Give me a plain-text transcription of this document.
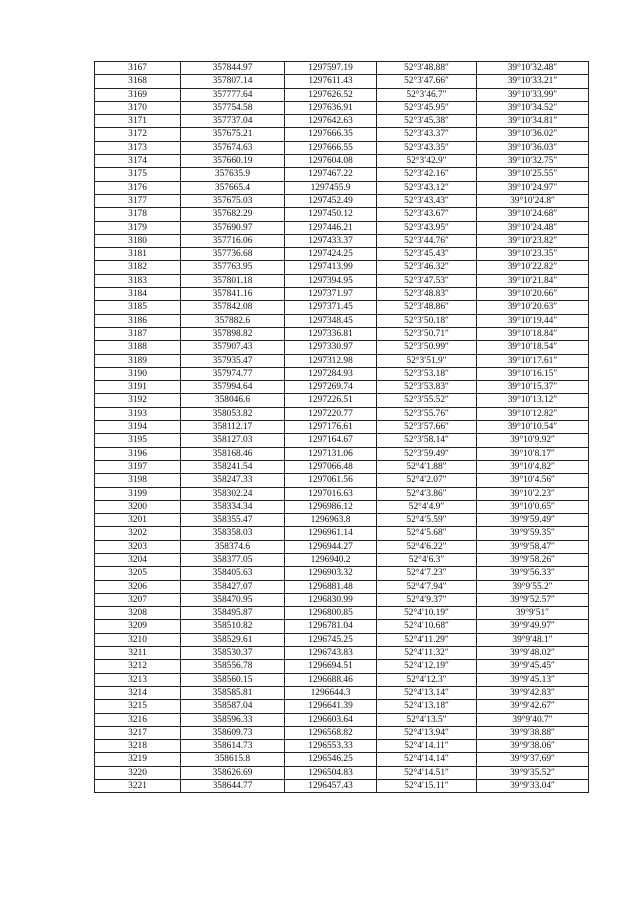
3167	357844.97	1297597.19	52°3′48.88″	39°10′32.48″
3168	357807.14	1297611.43	52°3′47.66″	39°10′33.21″
3169	357777.64	1297626.52	52°3′46.7″	39°10′33.99″
3170	357754.58	1297636.91	52°3′45.95″	39°10′34.52″
3171	357737.04	1297642.63	52°3′45.38″	39°10′34.81″
3172	357675.21	1297666.35	52°3′43.37″	39°10′36.02″
3173	357674.63	1297666.55	52°3′43.35″	39°10′36.03″
3174	357660.19	1297604.08	52°3′42.9″	39°10′32.75″
3175	357635.9	1297467.22	52°3′42.16″	39°10′25.55″
3176	357665.4	1297455.9	52°3′43.12″	39°10′24.97″
3177	357675.03	1297452.49	52°3′43.43″	39°10′24.8″
3178	357682.29	1297450.12	52°3′43.67″	39°10′24.68″
3179	357690.97	1297446.21	52°3′43.95″	39°10′24.48″
3180	357716.06	1297433.37	52°3′44.76″	39°10′23.82″
3181	357736.68	1297424.25	52°3′45.43″	39°10′23.35″
3182	357763.95	1297413.99	52°3′46.32″	39°10′22.82″
3183	357801.18	1297394.95	52°3′47.53″	39°10′21.84″
3184	357841.16	1297371.97	52°3′48.83″	39°10′20.66″
3185	357842.08	1297371.45	52°3′48.86″	39°10′20.63″
3186	357882.6	1297348.45	52°3′50.18″	39°10′19.44″
3187	357898.82	1297336.81	52°3′50.71″	39°10′18.84″
3188	357907.43	1297330.97	52°3′50.99″	39°10′18.54″
3189	357935.47	1297312.98	52°3′51.9″	39°10′17.61″
3190	357974.77	1297284.93	52°3′53.18″	39°10′16.15″
3191	357994.64	1297269.74	52°3′53.83″	39°10′15.37″
3192	358046.6	1297226.51	52°3′55.52″	39°10′13.12″
3193	358053.82	1297220.77	52°3′55.76″	39°10′12.82″
3194	358112.17	1297176.61	52°3′57.66″	39°10′10.54″
3195	358127.03	1297164.67	52°3′58.14″	39°10′9.92″
3196	358168.46	1297131.06	52°3′59.49″	39°10′8.17″
3197	358241.54	1297066.48	52°4′1.88″	39°10′4.82″
3198	358247.33	1297061.56	52°4′2.07″	39°10′4.56″
3199	358302.24	1297016.63	52°4′3.86″	39°10′2.23″
3200	358334.34	1296986.12	52°4′4.9″	39°10′0.65″
3201	358355.47	1296963.8	52°4′5.59″	39°9′59.49″
3202	358358.03	1296961.14	52°4′5.68″	39°9′59.35″
3203	358374.6	1296944.27	52°4′6.22″	39°9′58.47″
3204	358377.05	1296940.2	52°4′6.3″	39°9′58.26″
3205	358405.63	1296903.32	52°4′7.23″	39°9′56.33″
3206	358427.07	1296881.48	52°4′7.94″	39°9′55.2″
3207	358470.95	1296830.99	52°4′9.37″	39°9′52.57″
3208	358495.87	1296800.85	52°4′10.19″	39°9′51″
3209	358510.82	1296781.04	52°4′10.68″	39°9′49.97″
3210	358529.61	1296745.25	52°4′11.29″	39°9′48.1″
3211	358530.37	1296743.83	52°4′11.32″	39°9′48.02″
3212	358556.78	1296694.51	52°4′12.19″	39°9′45.45″
3213	358560.15	1296688.46	52°4′12.3″	39°9′45.13″
3214	358585.81	1296644.3	52°4′13.14″	39°9′42.83″
3215	358587.04	1296641.39	52°4′13.18″	39°9′42.67″
3216	358596.33	1296603.64	52°4′13.5″	39°9′40.7″
3217	358609.73	1296568.82	52°4′13.94″	39°9′38.88″
3218	358614.73	1296553.33	52°4′14.11″	39°9′38.06″
3219	358615.8	1296546.25	52°4′14.14″	39°9′37.69″
3220	358626.69	1296504.83	52°4′14.51″	39°9′35.52″
3221	358644.77	1296457.43	52°4′15.11″	39°9′33.04″
